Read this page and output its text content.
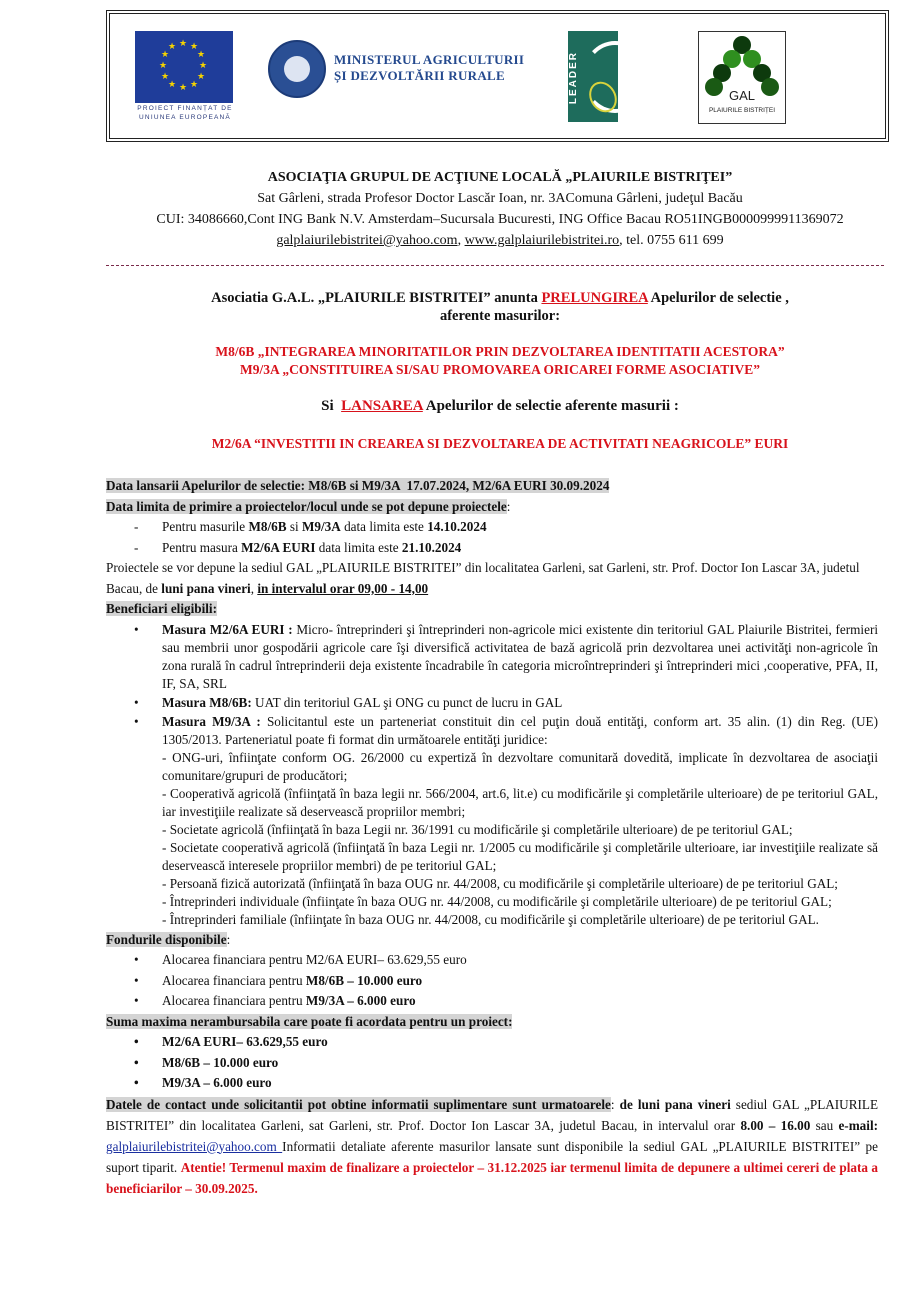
★ ★
★
★
★
★
★
★
★
★
★
★
PROIECT FINANȚAT DE
UNIUNEA EUROPEANĂ
MINISTERUL AGRICULTURII
ȘI DEZVOLTĂRII RURALE	LEADER	GAL
PLAIURILE BISTRIȚEI
ASOCIAŢIA GRUPUL DE ACŢIUNE LOCALĂ „PLAIURILE BISTRIŢEI”
Sat Gârleni, strada Profesor Doctor Lascăr Ioan, nr. 3AComuna Gârleni, judeţul Bacău
CUI: 34086660,Cont ING Bank N.V. Amsterdam–Sucursala Bucuresti, ING Office Bacau RO51INGB0000999911369072
galplaiurilebistritei@yahoo.com, www.galplaiurilebistritei.ro, tel. 0755 611 699
Asociatia G.A.L. „PLAIURILE BISTRITEI” anunta PRELUNGIREA Apelurilor de selectie ,
aferente masurilor:
M8/6B „INTEGRAREA MINORITATILOR PRIN DEZVOLTAREA IDENTITATII ACESTORA”
M9/3A „CONSTITUIREA SI/SAU PROMOVAREA ORICAREI FORME ASOCIATIVE”
Si  LANSAREA Apelurilor de selectie aferente masurii :
M2/6A “INVESTITII IN CREAREA SI DEZVOLTAREA DE ACTIVITATI NEAGRICOLE” EURI
Data lansarii Apelurilor de selectie: M8/6B si M9/3A  17.07.2024, M2/6A EURI 30.09.2024
Data limita de primire a proiectelor/locul unde se pot depune proiectele:
- Pentru masurile M8/6B si M9/3A data limita este 14.10.2024
- Pentru masura M2/6A EURI data limita este 21.10.2024
Proiectele se vor depune la sediul GAL „PLAIURILE BISTRITEI” din localitatea Garleni, sat Garleni, str. Prof. Doctor Ion Lascar 3A, judetul Bacau, de luni pana vineri, in intervalul orar 09,00 - 14,00
Beneficiari eligibili:
• Masura M2/6A EURI : Micro- întreprinderi şi întreprinderi non-agricole mici existente din teritoriul GAL Plaiurile Bistritei, fermieri sau membrii unor gospodării agricole care îşi diversifică activitatea de bază agricolă prin dezvoltarea unei activităţi non-agricole în zona rurală în cadrul întreprinderii deja existente încadrabile în categoria microîntreprinderi şi întreprinderi mici ,cooperative, PFA, II, IF, SA, SRL
• Masura M8/6B: UAT din teritoriul GAL şi ONG cu punct de lucru in GAL
• Masura M9/3A : Solicitantul este un parteneriat constituit din cel puţin două entităţi, conform art. 35 alin. (1) din Reg. (UE) 1305/2013. Parteneriatul poate fi format din următoarele entităţi juridice:
- ONG-uri, înfiinţate conform OG. 26/2000 cu expertiză în dezvoltare comunitară dovedită, implicate în dezvoltarea de asociaţii comunitare/grupuri de producători;
- Cooperativă agricolă (înfiinţată în baza legii nr. 566/2004, art.6, lit.e) cu modificările şi completările ulterioare) de pe teritoriul GAL, iar investiţiile realizate să deservească propriilor membri;
- Societate agricolă (înfiinţată în baza Legii nr. 36/1991 cu modificările şi completările ulterioare) de pe teritoriul GAL;
- Societate cooperativă agricolă (înfiinţată în baza Legii nr. 1/2005 cu modificările şi completările ulterioare, iar investiţiile realizate să deservească interesele propriilor membri) de pe teritoriul GAL;
- Persoană fizică autorizată (înfiinţată în baza OUG nr. 44/2008, cu modificările şi completările ulterioare) de pe teritoriul GAL;
- Întreprinderi individuale (înfiinţate în baza OUG nr. 44/2008, cu modificările şi completările ulterioare) de pe teritoriul GAL;
- Întreprinderi familiale (înfiinţate în baza OUG nr. 44/2008, cu modificările şi completările ulterioare) de pe teritoriul GAL.
Fondurile disponibile:
• Alocarea financiara pentru M2/6A EURI– 63.629,55 euro
• Alocarea financiara pentru M8/6B – 10.000 euro
• Alocarea financiara pentru M9/3A – 6.000 euro
Suma maxima nerambursabila care poate fi acordata pentru un proiect:
• M2/6A EURI– 63.629,55 euro
• M8/6B – 10.000 euro
• M9/3A – 6.000 euro
Datele de contact unde solicitantii pot obtine informatii suplimentare sunt urmatoarele: de luni pana vineri sediul GAL „PLAIURILE BISTRITEI” din localitatea Garleni, sat Garleni, str. Prof. Doctor Ion Lascar 3A, judetul Bacau, in intervalul orar 8.00 – 16.00 sau e-mail: galplaiurilebistritei@yahoo.com Informatii detaliate aferente masurilor lansate sunt disponibile la sediul GAL „PLAIURILE BISTRITEI” pe suport tiparit. Atentie! Termenul maxim de finalizare a proiectelor – 31.12.2025 iar termenul limita de depunere a ultimei cereri de plata a beneficiarilor – 30.09.2025.
